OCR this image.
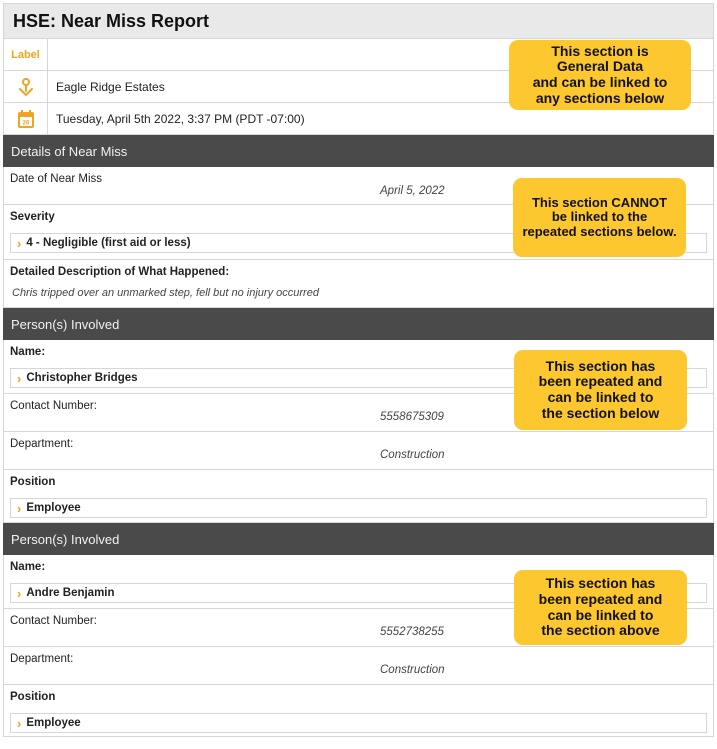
HSE: Near Miss Report
Label
Eagle Ridge Estates
26	Tuesday, April 5th 2022, 3:37 PM (PDT -07:00)
Details of Near Miss
Date of Near Miss
April 5, 2022
Severity
› 4 - Negligible (first aid or less)
Detailed Description of What Happened:
Chris tripped over an unmarked step, fell but no injury occurred
Person(s) Involved
Name:
› Christopher Bridges
Contact Number:
5558675309
Department:
Construction
Position
› Employee
Person(s) Involved
Name:
› Andre Benjamin
Contact Number:
5552738255
Department:
Construction
Position
› Employee
This section is
General Data
and can be linked to
any sections below
This section CANNOT
be linked to the
repeated sections below.
This section has
been repeated and
can be linked to
the section below
This section has
been repeated and
can be linked to
the section above
